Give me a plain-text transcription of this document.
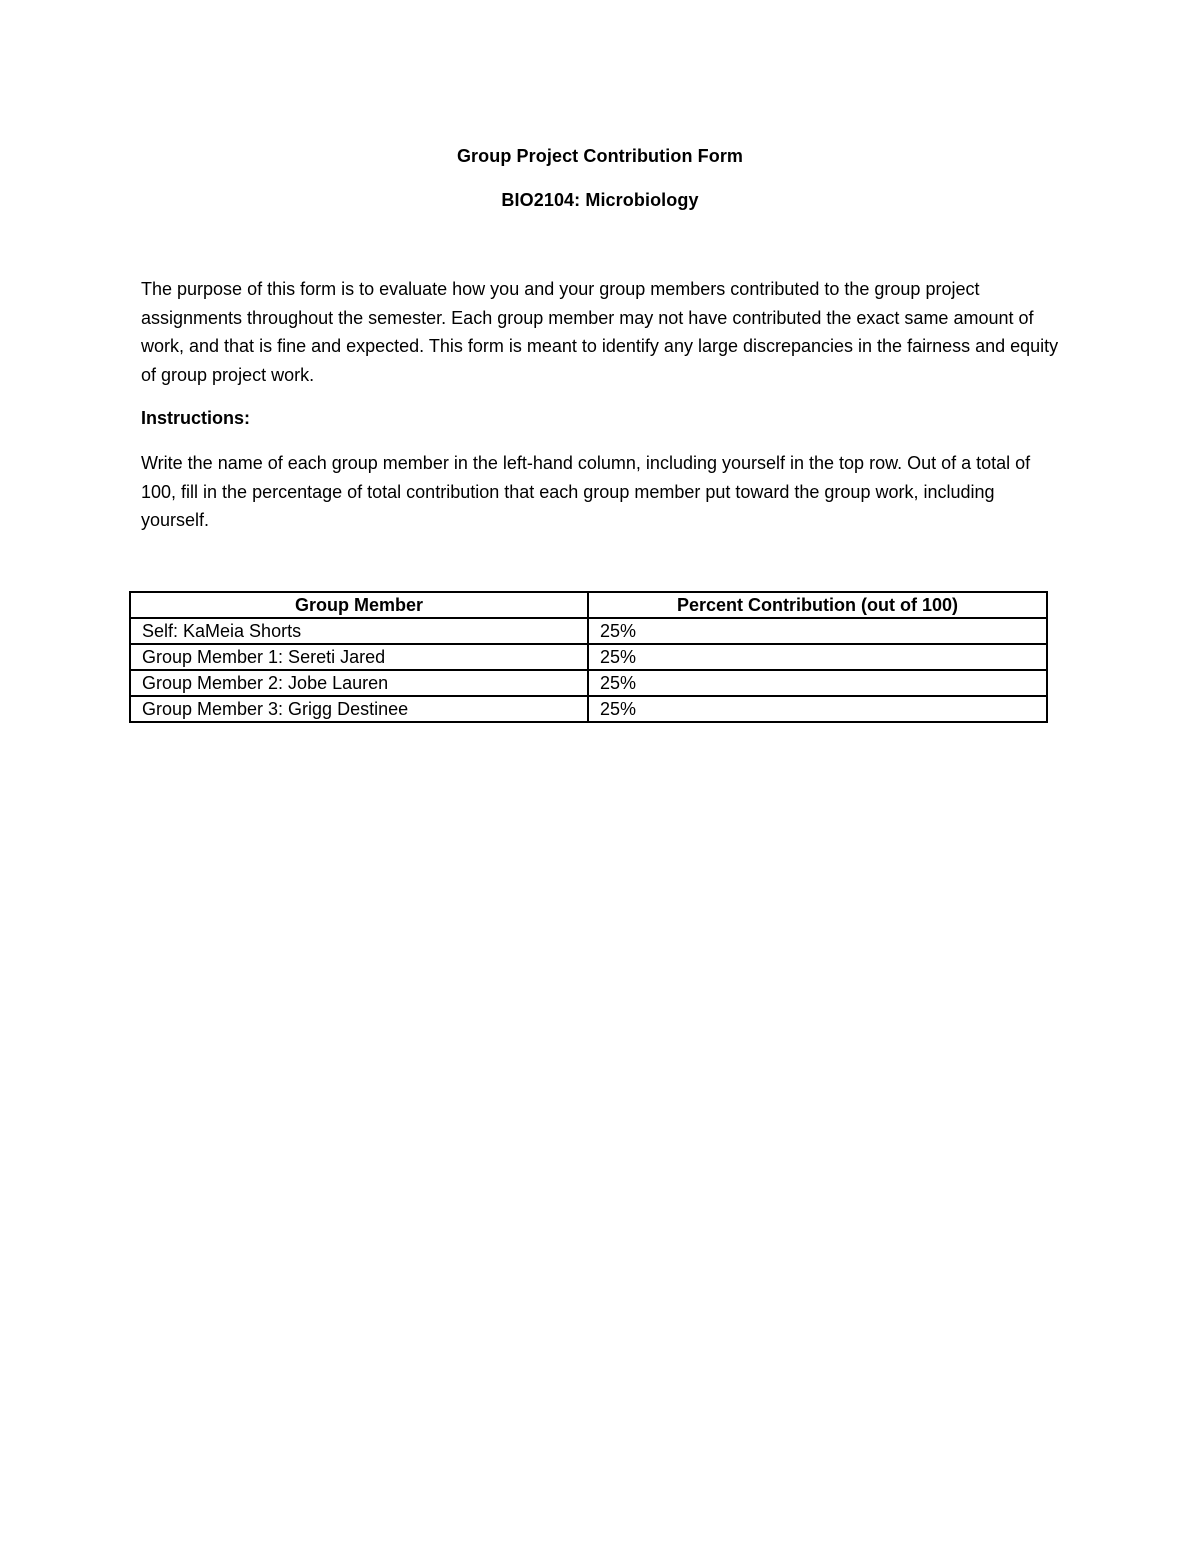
Group Project Contribution Form
BIO2104: Microbiology

The purpose of this form is to evaluate how you and your group members contributed to the group project assignments throughout the semester. Each group member may not have contributed the exact same amount of work, and that is fine and expected. This form is meant to identify any large discrepancies in the fairness and equity of group project work.

Instructions:

Write the name of each group member in the left-hand column, including yourself in the top row. Out of a total of 100, fill in the percentage of total contribution that each group member put toward the group work, including yourself.

Group Member	Percent Contribution (out of 100)
Self: KaMeia Shorts	25%
Group Member 1: Sereti Jared	25%
Group Member 2: Jobe Lauren	25%
Group Member 3: Grigg Destinee	25%
